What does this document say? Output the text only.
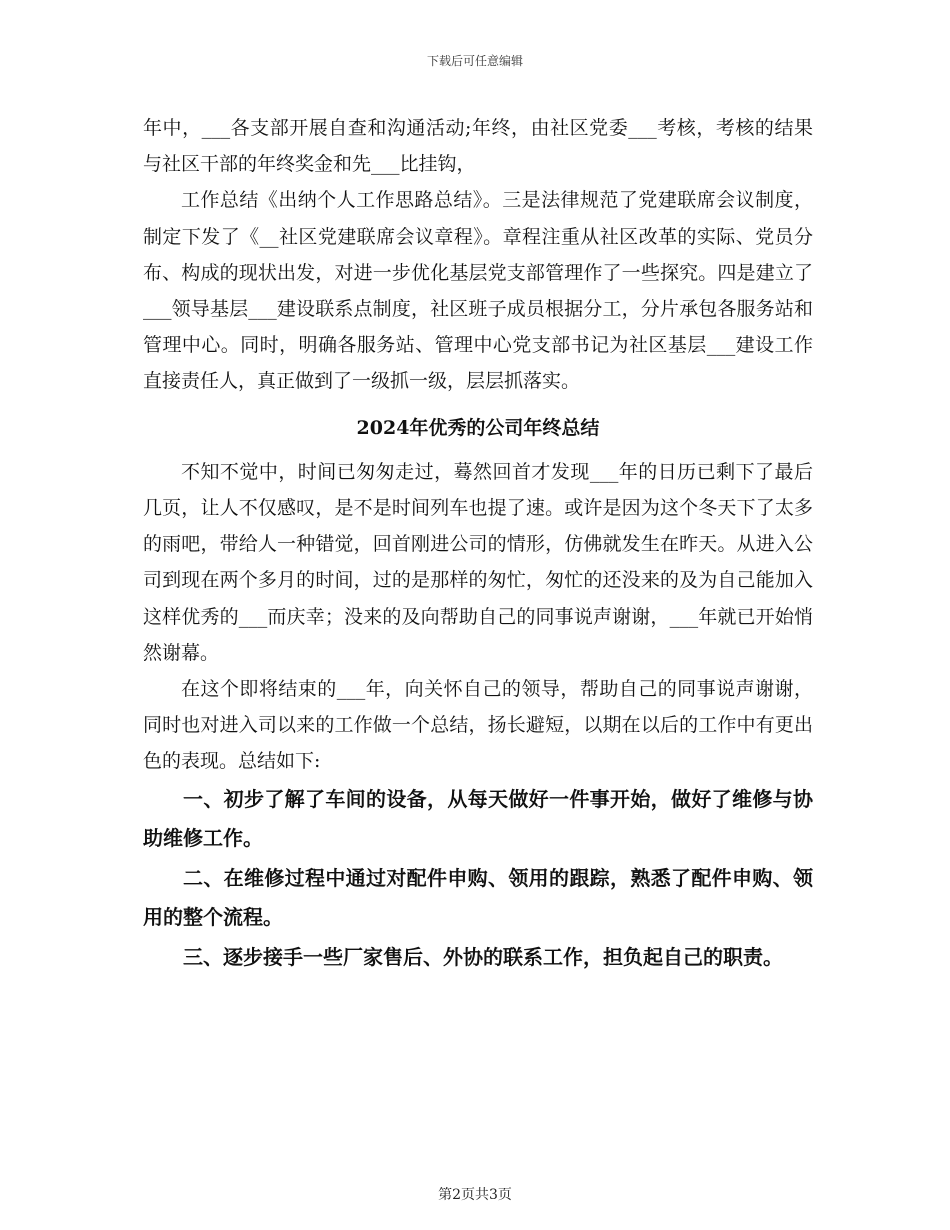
下载后可任意编辑

年中，___各支部开展自查和沟通活动;年终，由社区党委___考核，考核的结果与社区干部的年终奖金和先___比挂钩，

工作总结《出纳个人工作思路总结》。三是法律规范了党建联席会议制度，制定下发了《__社区党建联席会议章程》。章程注重从社区改革的实际、党员分布、构成的现状出发，对进一步优化基层党支部管理作了一些探究。四是建立了___领导基层___建设联系点制度，社区班子成员根据分工，分片承包各服务站和管理中心。同时，明确各服务站、管理中心党支部书记为社区基层___建设工作直接责任人，真正做到了一级抓一级，层层抓落实。

2024年优秀的公司年终总结

不知不觉中，时间已匆匆走过，蓦然回首才发现___年的日历已剩下了最后几页，让人不仅感叹，是不是时间列车也提了速。或许是因为这个冬天下了太多的雨吧，带给人一种错觉，回首刚进公司的情形，仿佛就发生在昨天。从进入公司到现在两个多月的时间，过的是那样的匆忙，匆忙的还没来的及为自己能加入这样优秀的___而庆幸；没来的及向帮助自己的同事说声谢谢，___年就已开始悄然谢幕。

在这个即将结束的___年，向关怀自己的领导，帮助自己的同事说声谢谢，同时也对进入司以来的工作做一个总结，扬长避短，以期在以后的工作中有更出色的表现。总结如下:

一、初步了解了车间的设备，从每天做好一件事开始，做好了维修与协助维修工作。

二、在维修过程中通过对配件申购、领用的跟踪，熟悉了配件申购、领用的整个流程。

三、逐步接手一些厂家售后、外协的联系工作，担负起自己的职责。

第2页共3页
